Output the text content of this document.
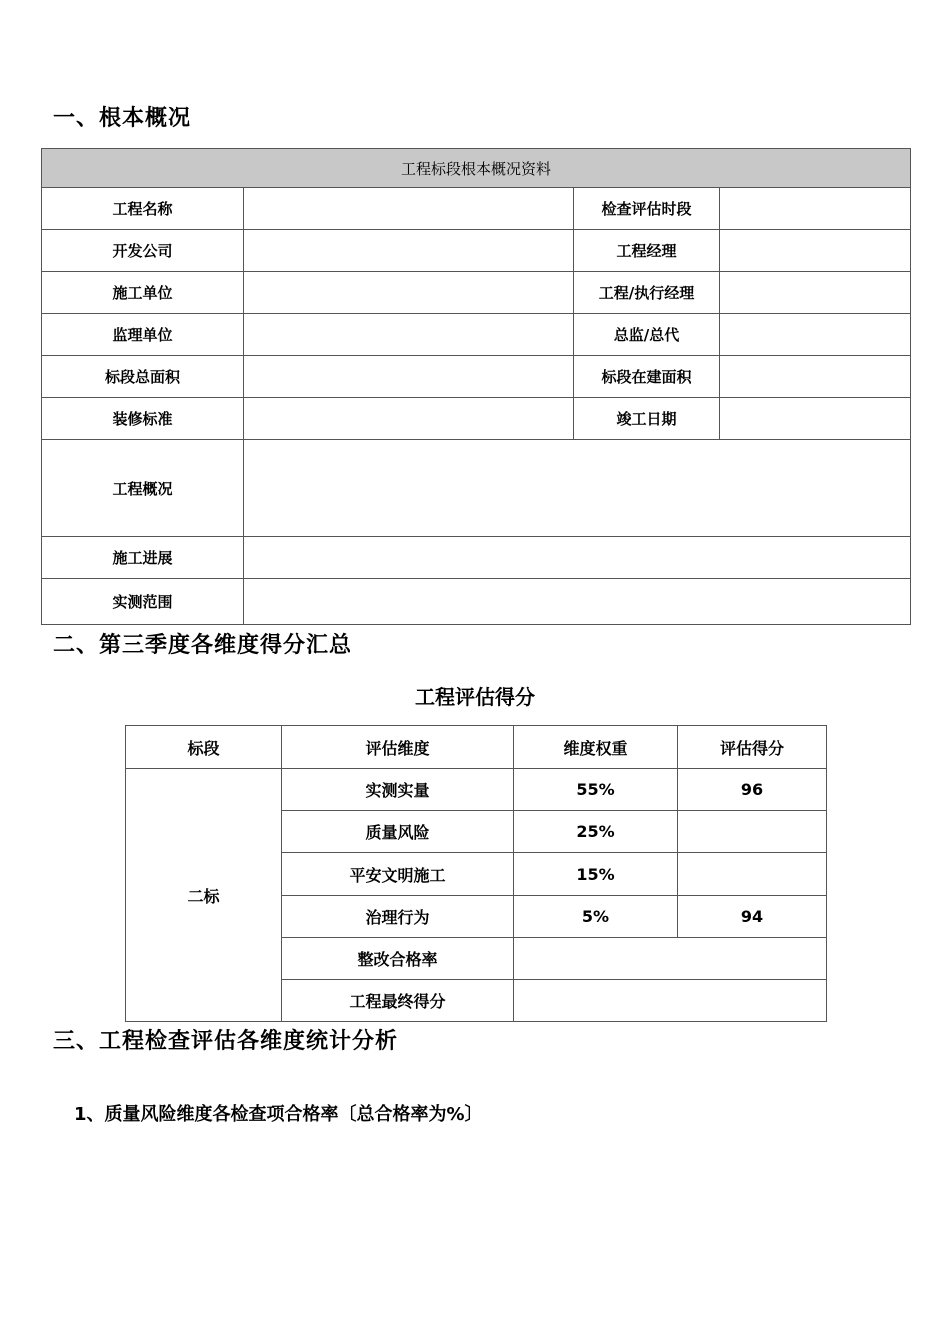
一、根本概况
工程标段根本概况资料			
工程名称		检查评估时段	
开发公司		工程经理	
施工单位		工程/执行经理	
监理单位		总监/总代	
标段总面积		标段在建面积	
装修标准		竣工日期	
工程概况			
施工进展			
实测范围			
二、第三季度各维度得分汇总
工程评估得分
标段	评估维度	维度权重	评估得分
二标	实测实量	55%	96
	质量风险	25%	
	平安文明施工	15%	
	治理行为	5%	94
	整改合格率		
	工程最终得分		
三、工程检查评估各维度统计分析
1、质量风险维度各检查项合格率〔总合格率为%〕
